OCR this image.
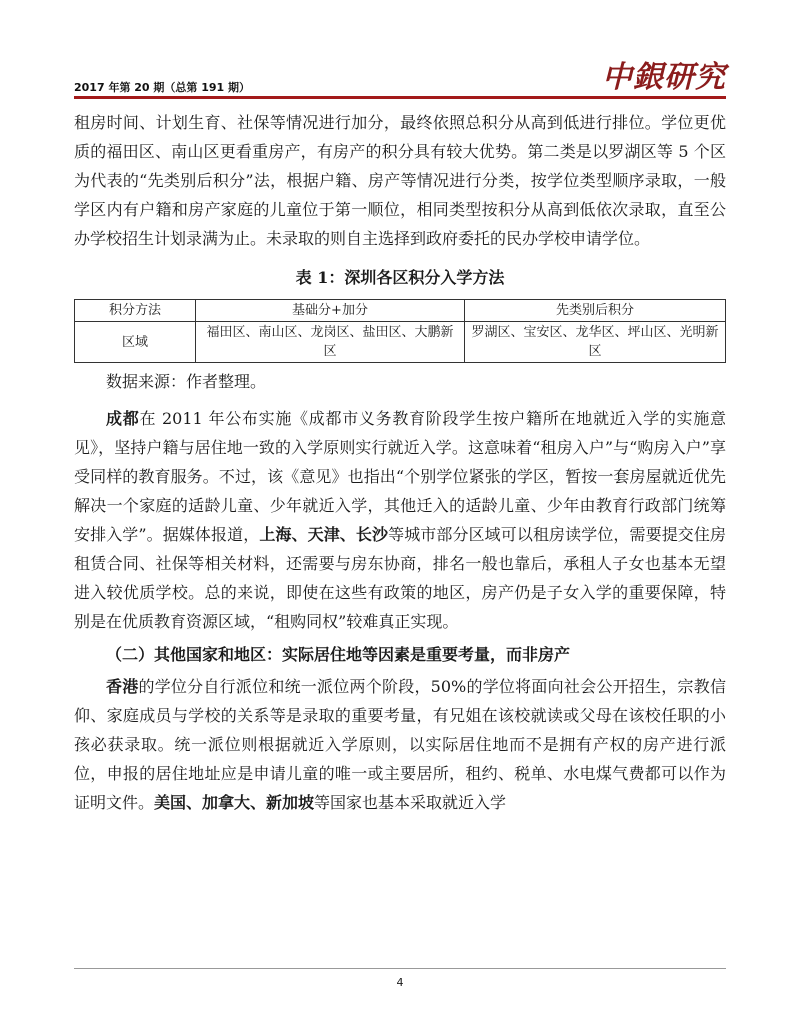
2017 年第 20 期（总第 191 期）	中銀研究

租房时间、计划生育、社保等情况进行加分，最终依照总积分从高到低进行排位。学位更优质的福田区、南山区更看重房产，有房产的积分具有较大优势。第二类是以罗湖区等 5 个区为代表的“先类别后积分”法，根据户籍、房产等情况进行分类，按学位类型顺序录取，一般学区内有户籍和房产家庭的儿童位于第一顺位，相同类型按积分从高到低依次录取，直至公办学校招生计划录满为止。未录取的则自主选择到政府委托的民办学校申请学位。

表 1：深圳各区积分入学方法
积分方法	基础分+加分	先类别后积分
区域	福田区、南山区、龙岗区、盐田区、大鹏新区	罗湖区、宝安区、龙华区、坪山区、光明新区

数据来源：作者整理。

成都在 2011 年公布实施《成都市义务教育阶段学生按户籍所在地就近入学的实施意见》，坚持户籍与居住地一致的入学原则实行就近入学。这意味着“租房入户”与“购房入户”享受同样的教育服务。不过，该《意见》也指出“个别学位紧张的学区，暂按一套房屋就近优先解决一个家庭的适龄儿童、少年就近入学，其他迁入的适龄儿童、少年由教育行政部门统筹安排入学”。据媒体报道，上海、天津、长沙等城市部分区域可以租房读学位，需要提交住房租赁合同、社保等相关材料，还需要与房东协商，排名一般也靠后，承租人子女也基本无望进入较优质学校。总的来说，即使在这些有政策的地区，房产仍是子女入学的重要保障，特别是在优质教育资源区域，“租购同权”较难真正实现。

（二）其他国家和地区：实际居住地等因素是重要考量，而非房产

香港的学位分自行派位和统一派位两个阶段，50%的学位将面向社会公开招生，宗教信仰、家庭成员与学校的关系等是录取的重要考量，有兄姐在该校就读或父母在该校任职的小孩必获录取。统一派位则根据就近入学原则，以实际居住地而不是拥有产权的房产进行派位，申报的居住地址应是申请儿童的唯一或主要居所，租约、税单、水电煤气费都可以作为证明文件。美国、加拿大、新加坡等国家也基本采取就近入学

4
